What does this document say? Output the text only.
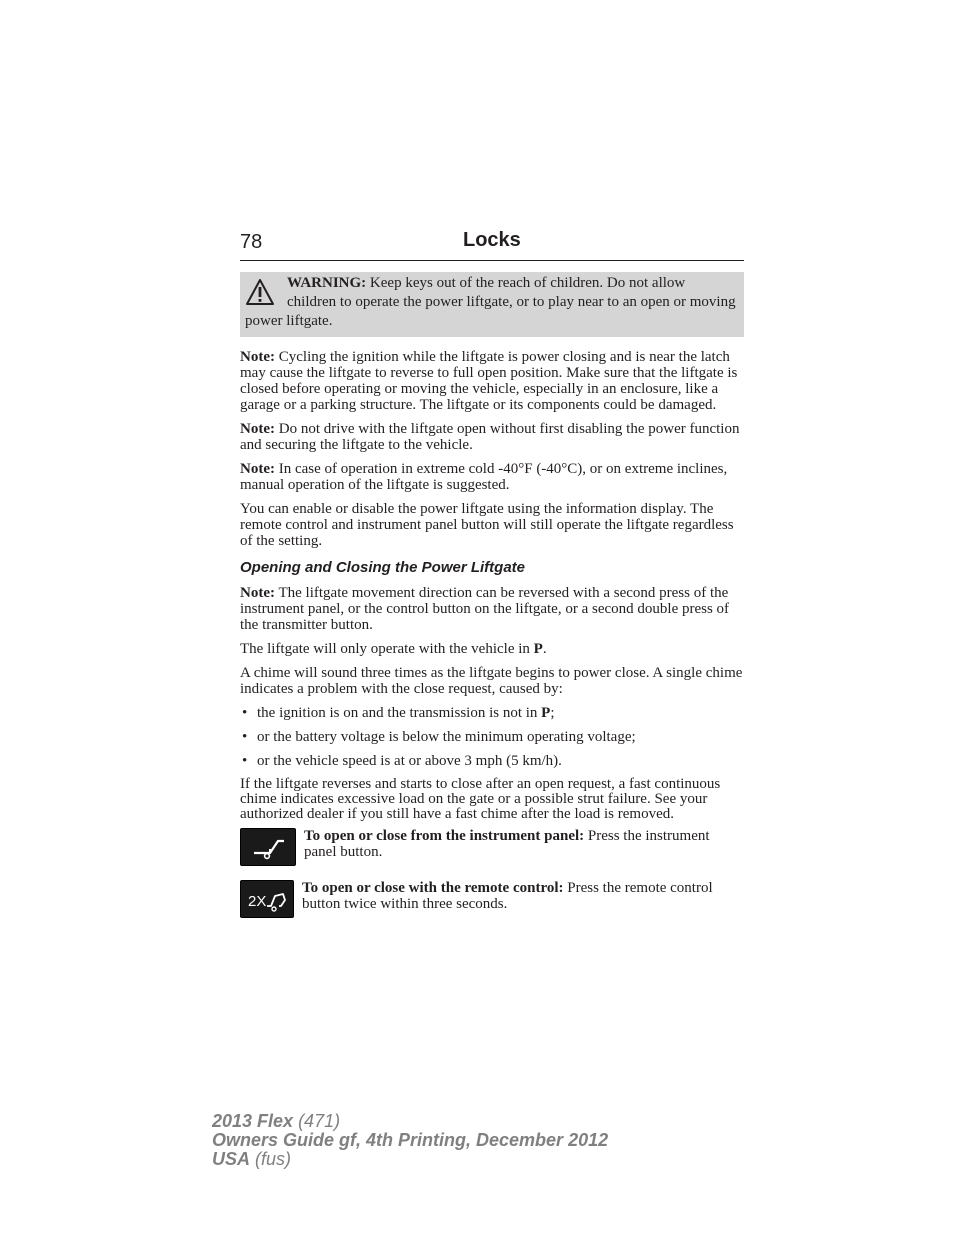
78	Locks
WARNING: Keep keys out of the reach of children. Do not allow children to operate the power liftgate, or to play near to an open or moving power liftgate.

Note: Cycling the ignition while the liftgate is power closing and is near the latch may cause the liftgate to reverse to full open position. Make sure that the liftgate is closed before operating or moving the vehicle, especially in an enclosure, like a garage or a parking structure. The liftgate or its components could be damaged.

Note: Do not drive with the liftgate open without first disabling the power function and securing the liftgate to the vehicle.

Note: In case of operation in extreme cold -40°F (-40°C), or on extreme inclines, manual operation of the liftgate is suggested.

You can enable or disable the power liftgate using the information display. The remote control and instrument panel button will still operate the liftgate regardless of the setting.

Opening and Closing the Power Liftgate

Note: The liftgate movement direction can be reversed with a second press of the instrument panel, or the control button on the liftgate, or a second double press of the transmitter button.

The liftgate will only operate with the vehicle in P.

A chime will sound three times as the liftgate begins to power close. A single chime indicates a problem with the close request, caused by:

• the ignition is on and the transmission is not in P;
• or the battery voltage is below the minimum operating voltage;
• or the vehicle speed is at or above 3 mph (5 km/h).

If the liftgate reverses and starts to close after an open request, a fast continuous chime indicates excessive load on the gate or a possible strut failure. See your authorized dealer if you still have a fast chime after the load is removed.

To open or close from the instrument panel: Press the instrument panel button.
2X
To open or close with the remote control: Press the remote control button twice within three seconds.
2013 Flex (471)
Owners Guide gf, 4th Printing, December 2012
USA (fus)
